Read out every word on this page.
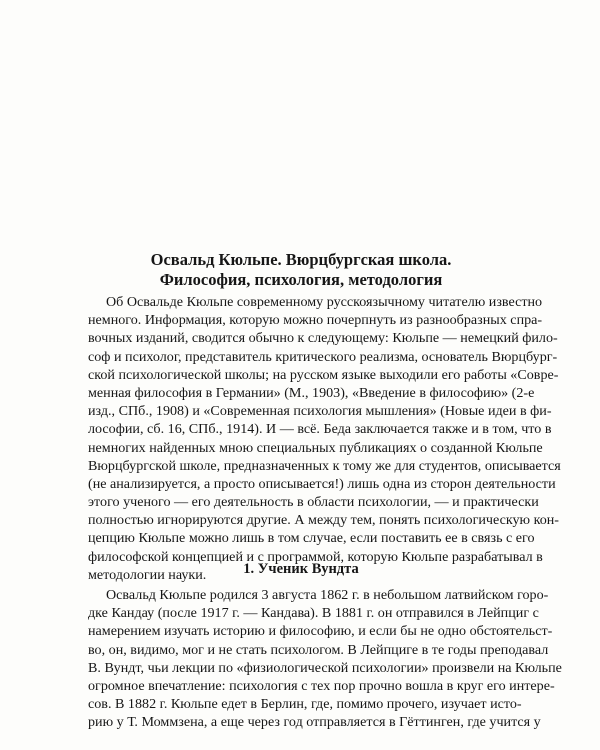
Освальд Кюльпе. Вюрцбургская школа.
Философия, психология, методология
Об Освальде Кюльпе современному русскоязычному читателю известно
немного. Информация, которую можно почерпнуть из разнообразных спра-
вочных изданий, сводится обычно к следующему: Кюльпе — немецкий фило-
соф и психолог, представитель критического реализма, основатель Вюрцбург-
ской психологической школы; на русском языке выходили его работы «Совре-
менная философия в Германии» (М., 1903), «Введение в философию» (2-е
изд., СПб., 1908) и «Современная психология мышления» (Новые идеи в фи-
лософии, сб. 16, СПб., 1914). И — всё. Беда заключается также и в том, что в
немногих найденных мною специальных публикациях о созданной Кюльпе
Вюрцбургской школе, предназначенных к тому же для студентов, описывается
(не анализируется, а просто описывается!) лишь одна из сторон деятельности
этого ученого — его деятельность в области психологии, — и практически
полностью игнорируются другие. А между тем, понять психологическую кон-
цепцию Кюльпе можно лишь в том случае, если поставить ее в связь с его
философской концепцией и с программой, которую Кюльпе разрабатывал в
методологии науки.	1. Ученик Вундта
Освальд Кюльпе родился 3 августа 1862 г. в небольшом латвийском горо-
дке Кандау (после 1917 г. — Кандава). В 1881 г. он отправился в Лейпциг с
намерением изучать историю и философию, и если бы не одно обстоятельст-
во, он, видимо, мог и не стать психологом. В Лейпциге в те годы преподавал
В. Вундт, чьи лекции по «физиологической психологии» произвели на Кюльпе
огромное впечатление: психология с тех пор прочно вошла в круг его интере-
сов. В 1882 г. Кюльпе едет в Берлин, где, помимо прочего, изучает исто-
рию у Т. Моммзена, а еще через год отправляется в Гёттинген, где учится у
